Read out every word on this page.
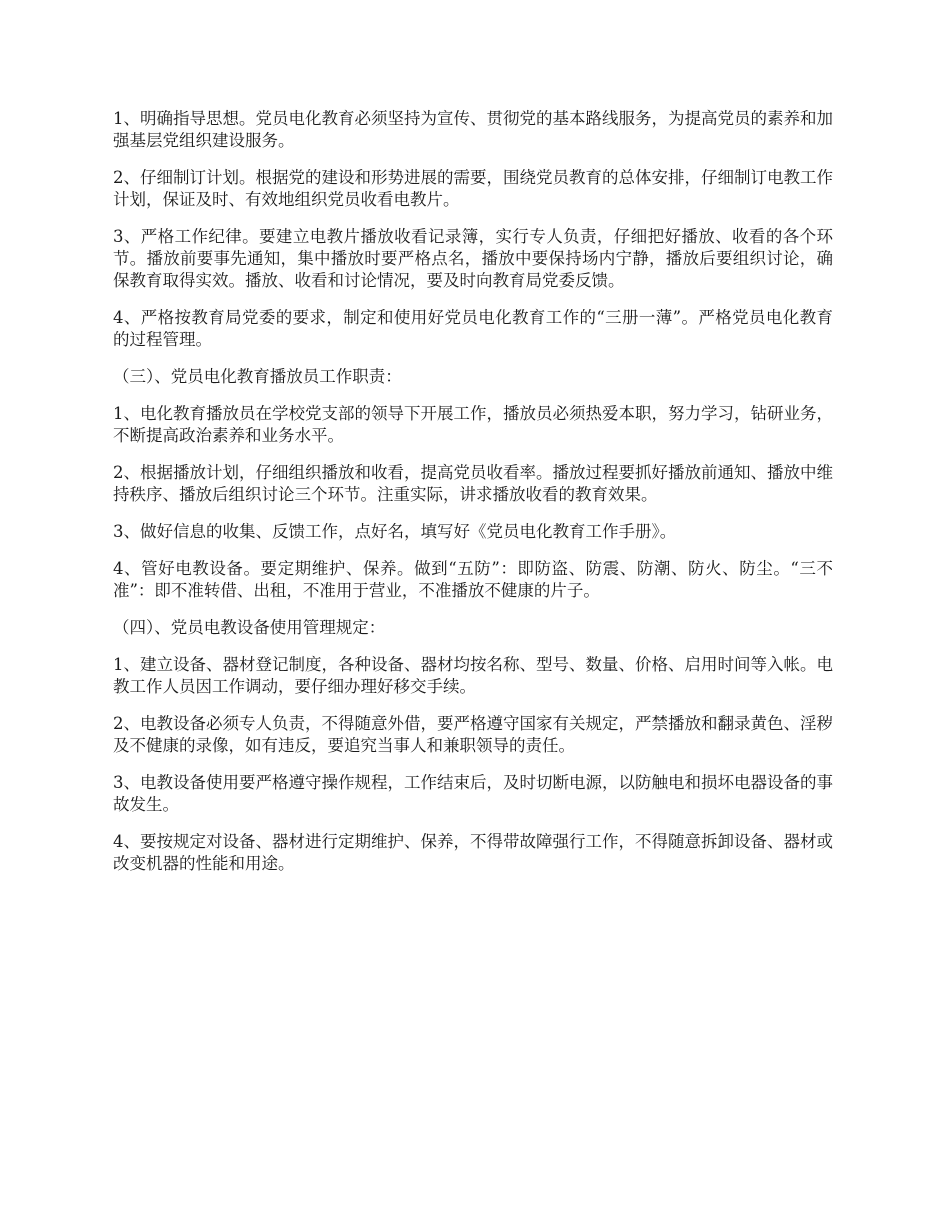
1、明确指导思想。党员电化教育必须坚持为宣传、贯彻党的基本路线服务，为提高党员的素养和加强基层党组织建设服务。

2、仔细制订计划。根据党的建设和形势进展的需要，围绕党员教育的总体安排，仔细制订电教工作计划，保证及时、有效地组织党员收看电教片。

3、严格工作纪律。要建立电教片播放收看记录簿，实行专人负责，仔细把好播放、收看的各个环节。播放前要事先通知，集中播放时要严格点名，播放中要保持场内宁静，播放后要组织讨论，确保教育取得实效。播放、收看和讨论情况，要及时向教育局党委反馈。

4、严格按教育局党委的要求，制定和使用好党员电化教育工作的“三册一薄”。严格党员电化教育的过程管理。

（三）、党员电化教育播放员工作职责：

1、电化教育播放员在学校党支部的领导下开展工作，播放员必须热爱本职，努力学习，钻研业务，不断提高政治素养和业务水平。

2、根据播放计划，仔细组织播放和收看，提高党员收看率。播放过程要抓好播放前通知、播放中维持秩序、播放后组织讨论三个环节。注重实际，讲求播放收看的教育效果。

3、做好信息的收集、反馈工作，点好名，填写好《党员电化教育工作手册》。

4、管好电教设备。要定期维护、保养。做到“五防”：即防盗、防震、防潮、防火、防尘。“三不准”：即不准转借、出租，不准用于营业，不准播放不健康的片子。

（四）、党员电教设备使用管理规定：

1、建立设备、器材登记制度，各种设备、器材均按名称、型号、数量、价格、启用时间等入帐。电教工作人员因工作调动，要仔细办理好移交手续。

2、电教设备必须专人负责，不得随意外借，要严格遵守国家有关规定，严禁播放和翻录黄色、淫秽及不健康的录像，如有违反，要追究当事人和兼职领导的责任。

3、电教设备使用要严格遵守操作规程，工作结束后，及时切断电源，以防触电和损坏电器设备的事故发生。

4、要按规定对设备、器材进行定期维护、保养，不得带故障强行工作，不得随意拆卸设备、器材或改变机器的性能和用途。
